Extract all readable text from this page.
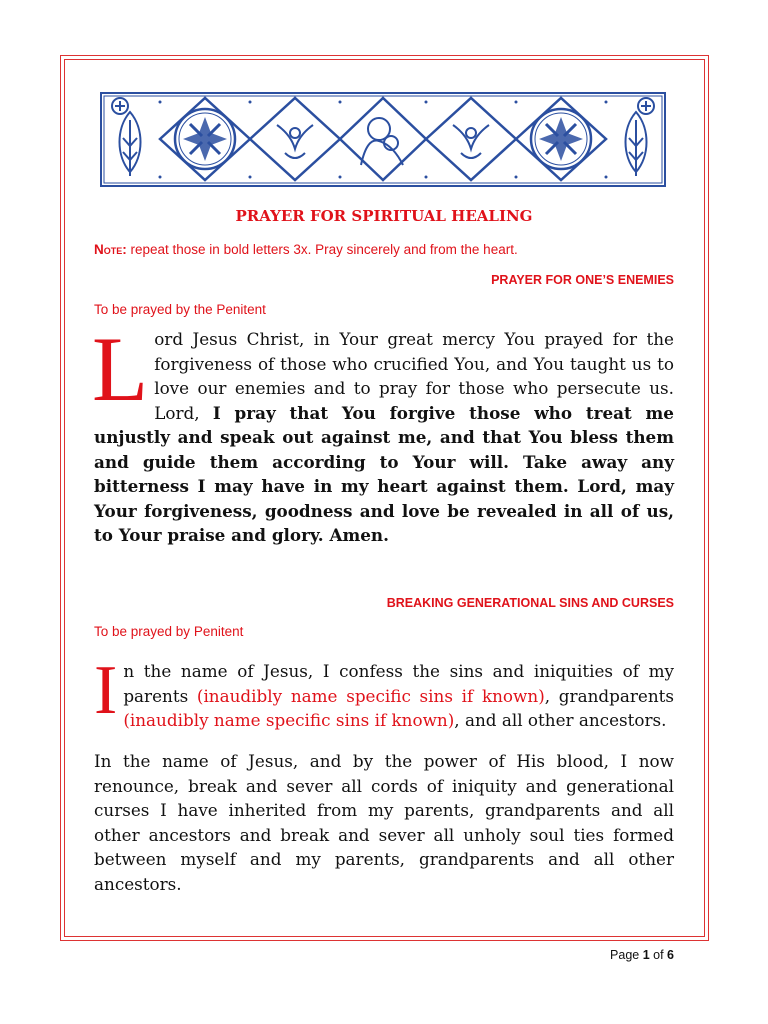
PRAYER FOR SPIRITUAL HEALING
Note: repeat those in bold letters 3x. Pray sincerely and from the heart.
PRAYER FOR ONE’S ENEMIES
To be prayed by the Penitent
Lord Jesus Christ, in Your great mercy You prayed for the forgiveness of those who crucified You, and You taught us to love our enemies and to pray for those who persecute us. Lord, I pray that You forgive those who treat me unjustly and speak out against me, and that You bless them and guide them according to Your will. Take away any bitterness I may have in my heart against them. Lord, may Your forgiveness, goodness and love be revealed in all of us, to Your praise and glory. Amen.
BREAKING GENERATIONAL SINS AND CURSES
To be prayed by Penitent
In the name of Jesus, I confess the sins and iniquities of my parents (inaudibly name specific sins if known), grandparents (inaudibly name specific sins if known), and all other ancestors.
In the name of Jesus, and by the power of His blood, I now renounce, break and sever all cords of iniquity and generational curses I have inherited from my parents, grandparents and all other ancestors and break and sever all unholy soul ties formed between myself and my parents, grandparents and all other ancestors.
Page 1 of 6
